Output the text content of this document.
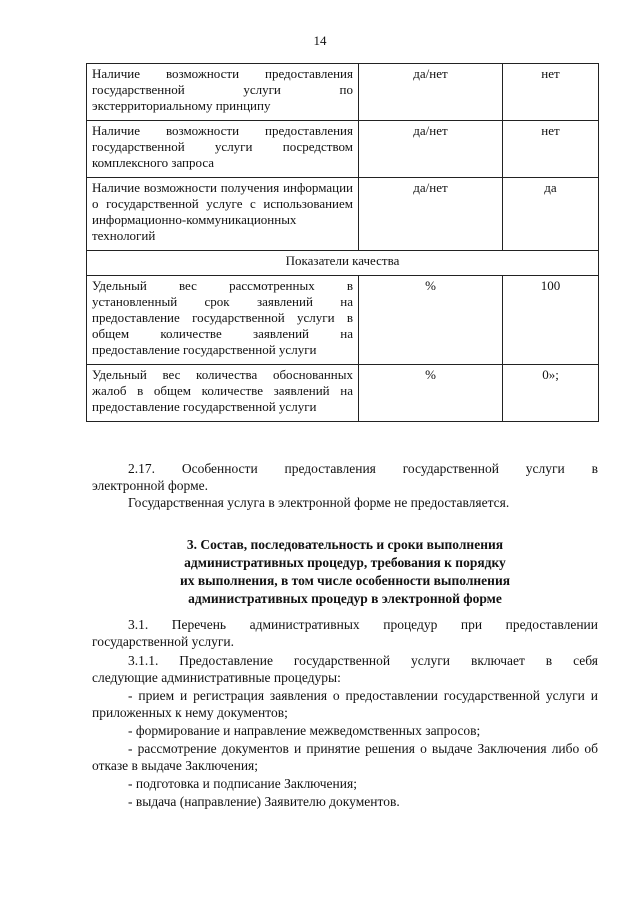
14
Наличие возможности предоставления государственной услуги по экстерриториальному принципу	да/нет	нет
Наличие возможности предоставления государственной услуги посредством комплексного запроса	да/нет	нет
Наличие возможности получения информации о государственной услуге с использованием информационно-коммуникационных технологий	да/нет	да
Показатели качества		
Удельный вес рассмотренных в установленный срок заявлений на предоставление государственной услуги в общем количестве заявлений на предоставление государственной услуги	%	100
Удельный вес количества обоснованных жалоб в общем количестве заявлений на предоставление государственной услуги	%	0»;
2.17. Особенности предоставления государственной услуги в
электронной форме.
Государственная услуга в электронной форме не предоставляется.
3. Состав, последовательность и сроки выполнения
административных процедур, требования к порядку
их выполнения, в том числе особенности выполнения
административных процедур в электронной форме
3.1. Перечень административных процедур при предоставлении
государственной услуги.
3.1.1. Предоставление государственной услуги включает в себя
следующие административные процедуры:
- прием и регистрация заявления о предоставлении государственной услуги и приложенных к нему документов;
- формирование и направление межведомственных запросов;
- рассмотрение документов и принятие решения о выдаче Заключения либо об отказе в выдаче Заключения;
- подготовка и подписание Заключения;
- выдача (направление) Заявителю документов.
